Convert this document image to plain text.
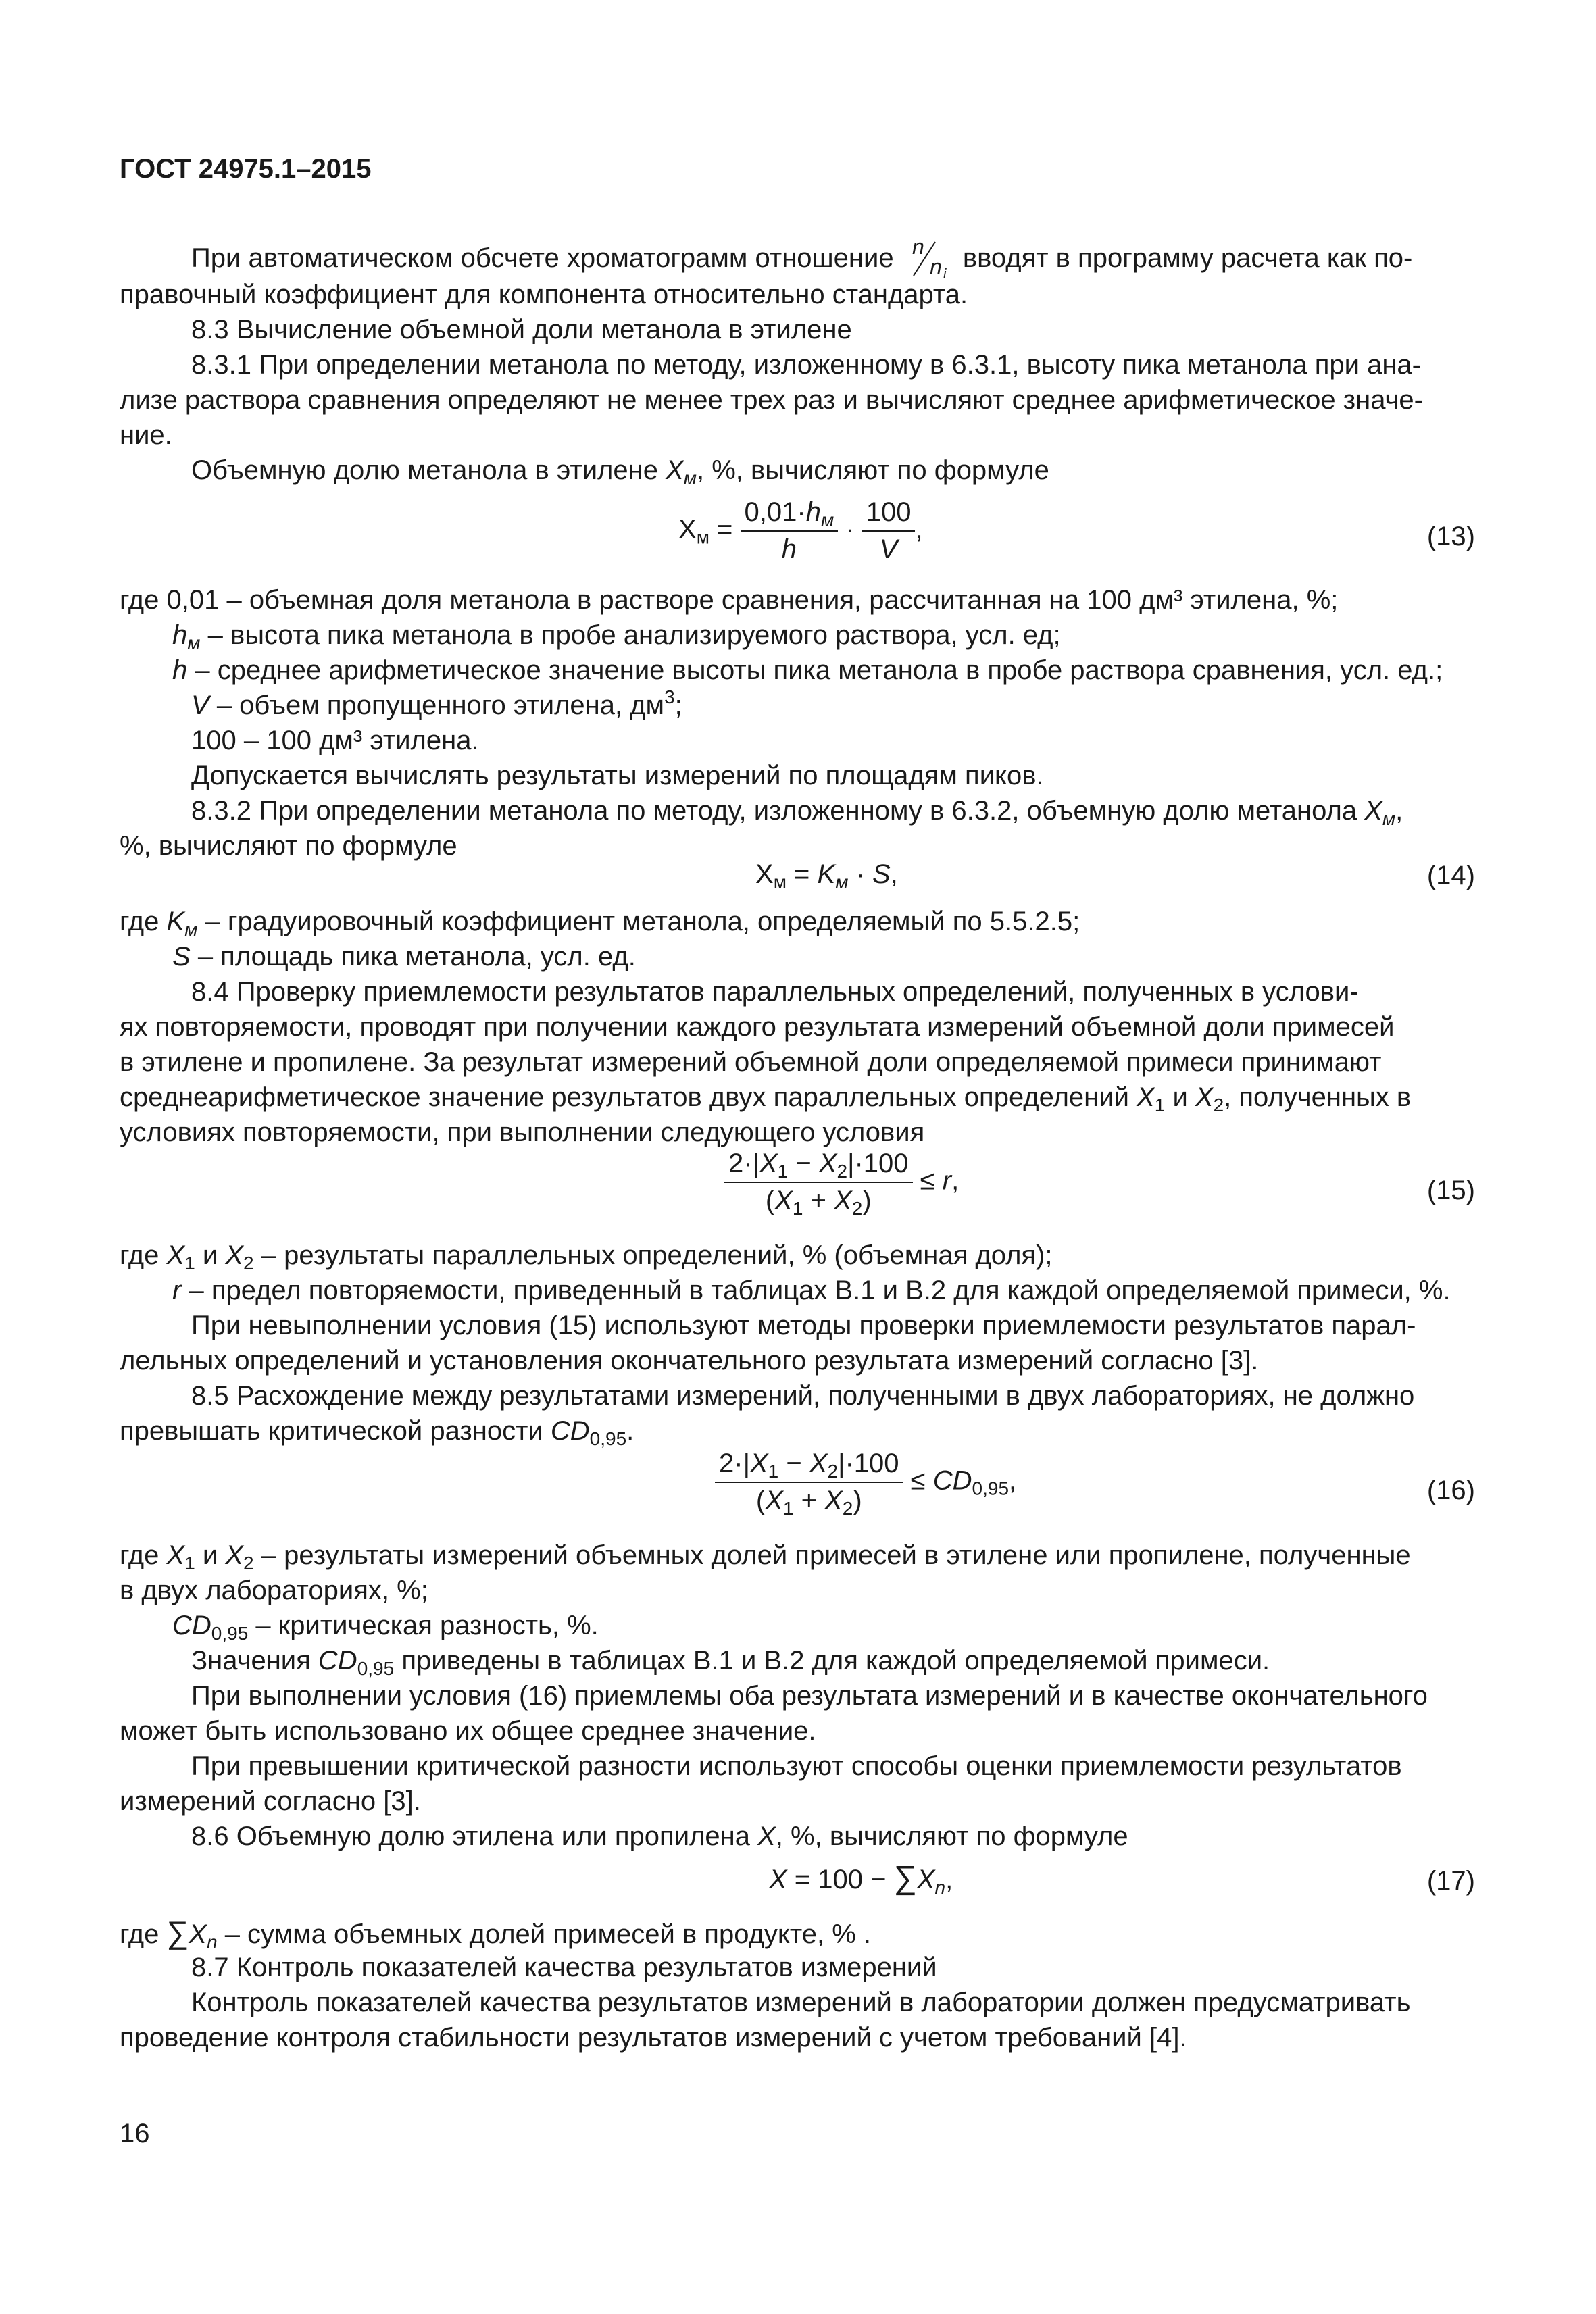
ГОСТ 24975.1–2015
При автоматическом обсчете хроматограмм отношение n
n i
вводят в программу расчета как по-
правочный коэффициент для компонента относительно стандарта.
8.3 Вычисление объемной доли метанола в этилене
8.3.1 При определении метанола по методу, изложенному в 6.3.1, высоту пика метанола при ана-
лизе раствора сравнения определяют не менее трех раз и вычисляют среднее арифметическое значе-
ние.
Объемную долю метанола в этилене $X_м$, %, вычисляют по формуле
$X_м = \frac{0,01\cdot h_м}{h} \cdot \frac{100}{V}$ ,	(13)
где 0,01 – объемная доля метанола в растворе сравнения, рассчитанная на 100 дм³ этилена, %;
$h_м$ – высота пика метанола в пробе анализируемого раствора, усл. ед;
h – среднее арифметическое значение высоты пика метанола в пробе раствора сравнения, усл. ед.;
V – объем пропущенного этилена, $дм^3$;
100 – 100 дм³ этилена.
Допускается вычислять результаты измерений по площадям пиков.
8.3.2 При определении метанола по методу, изложенному в 6.3.2, объемную долю метанола $X_м$,
%, вычисляют по формуле
$X_м = K_м \cdot S$,	(14)
где $K_м$ – градуировочный коэффициент метанола, определяемый по 5.5.2.5;
S – площадь пика метанола, усл. ед.
8.4 Проверку приемлемости результатов параллельных определений, полученных в услови-
ях повторяемости, проводят при получении каждого результата измерений объемной доли примесей
в этилене и пропилене. За результат измерений объемной доли определяемой примеси принимают
среднеарифметическое значение результатов двух параллельных определений $X_1$ и $X_2$, полученных в
условиях повторяемости, при выполнении следующего условия
$\frac{2\cdot|X_1 - X_2|\cdot 100}{(X_1 + X_2)} \le r$,	(15)
где $X_1$ и $X_2$ – результаты параллельных определений, % (объемная доля);
r – предел повторяемости, приведенный в таблицах В.1 и В.2 для каждой определяемой примеси, %.
При невыполнении условия (15) используют методы проверки приемлемости результатов парал-
лельных определений и установления окончательного результата измерений согласно [3].
8.5 Расхождение между результатами измерений, полученными в двух лабораториях, не должно
превышать критической разности $CD_{0,95}$.
$\frac{2\cdot|X_1 - X_2|\cdot 100}{(X_1 + X_2)} \le CD_{0,95}$,	(16)
где $X_1$ и $X_2$ – результаты измерений объемных долей примесей в этилене или пропилене, полученные
в двух лабораториях, %;
$CD_{0,95}$ – критическая разность, %.
Значения $CD_{0,95}$ приведены в таблицах В.1 и В.2 для каждой определяемой примеси.
При выполнении условия (16) приемлемы оба результата измерений и в качестве окончательного
может быть использовано их общее среднее значение.
При превышении критической разности используют способы оценки приемлемости результатов
измерений согласно [3].
8.6 Объемную долю этилена или пропилена X, %, вычисляют по формуле
$X = 100 - \sum X_n$,	(17)
где $\sum X_n$ – сумма объемных долей примесей в продукте, % .
8.7 Контроль показателей качества результатов измерений
Контроль показателей качества результатов измерений в лаборатории должен предусматривать
проведение контроля стабильности результатов измерений с учетом требований [4].
16
